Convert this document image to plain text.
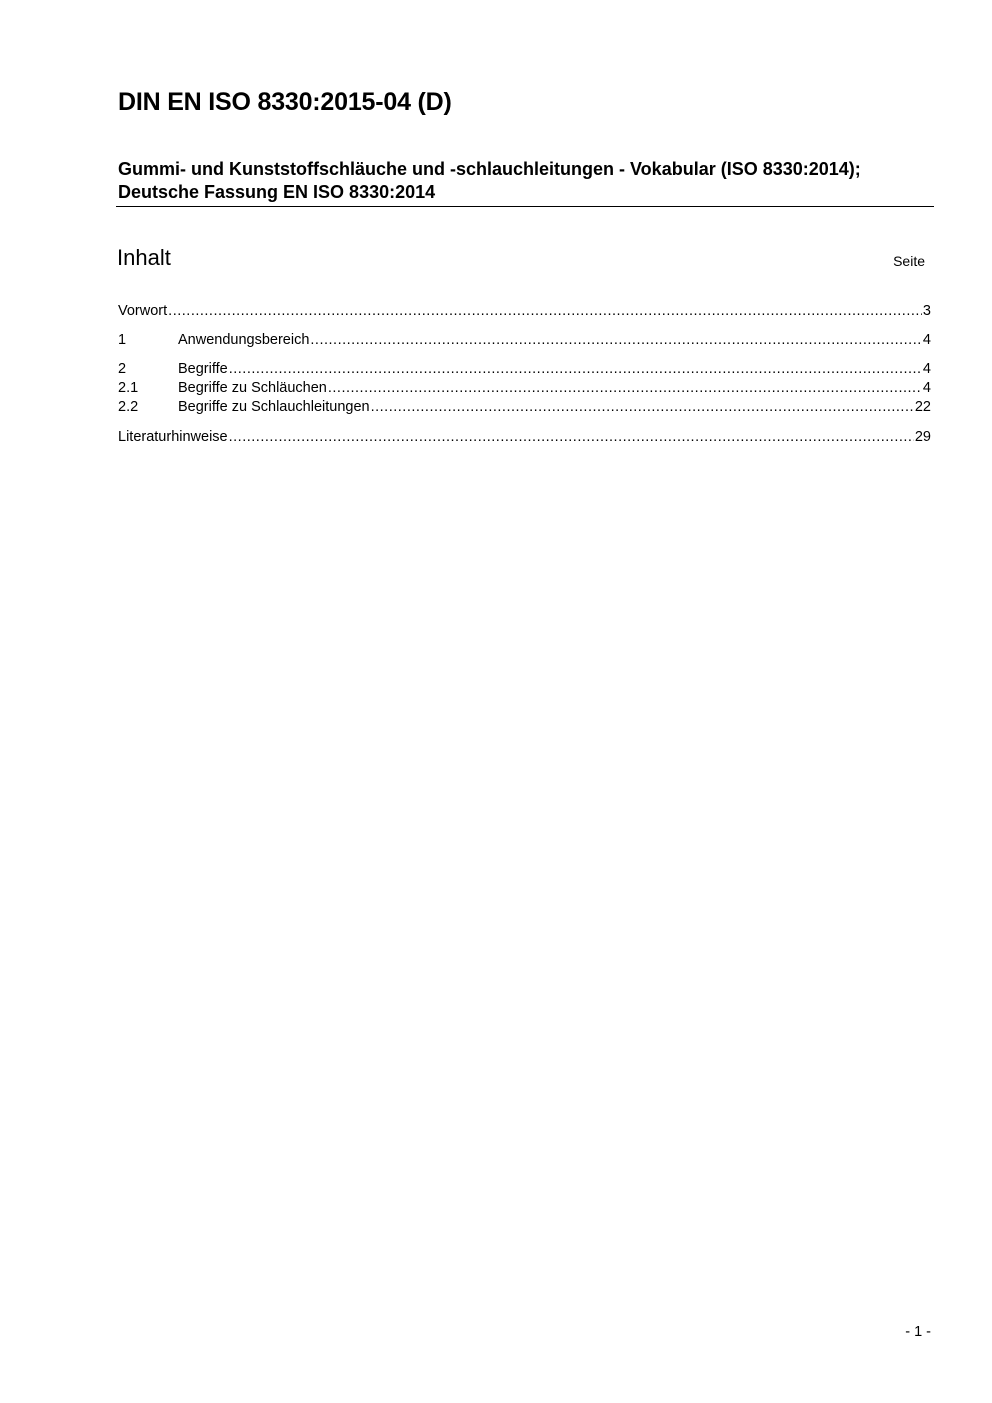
DIN EN ISO 8330:2015-04 (D)
Gummi- und Kunststoffschläuche und -schlauchleitungen - Vokabular (ISO 8330:2014); Deutsche Fassung EN ISO 8330:2014
Inhalt	Seite
Vorwort .....	3
1	Anwendungsbereich .....	4
2	Begriffe .....	4
2.1	Begriffe zu Schläuchen .....	4
2.2	Begriffe zu Schlauchleitungen .....	22
Literaturhinweise .....	29
- 1 -
